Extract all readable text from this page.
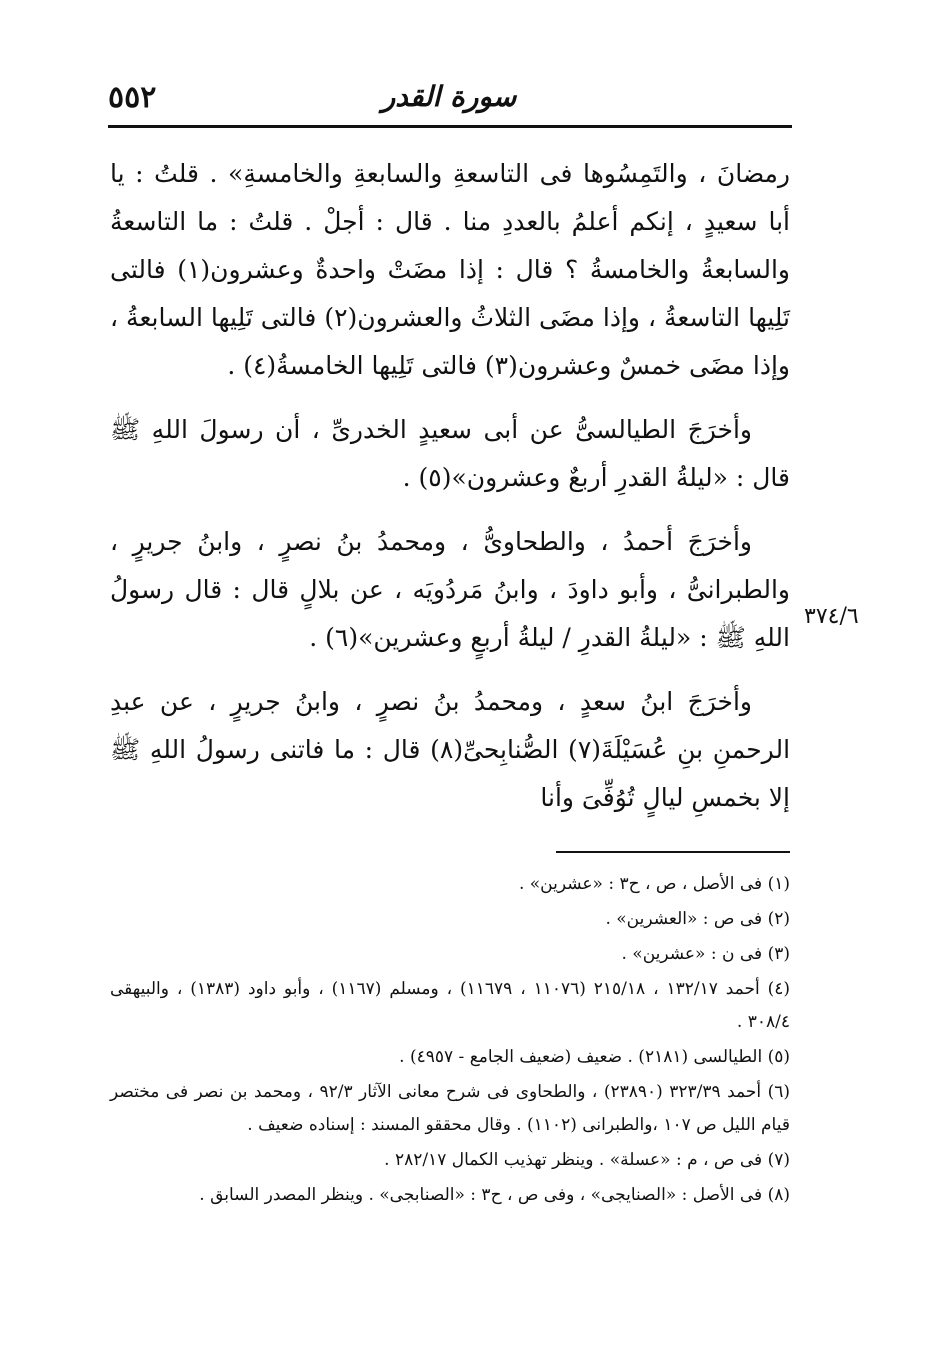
٥٥٢	سورة القدر

رمضانَ ، والتَمِسُوها فى التاسعةِ والسابعةِ والخامسةِ» . قلتُ : يا أبا سعيدٍ ، إنكم أعلمُ بالعددِ منا . قال : أجلْ . قلتُ : ما التاسعةُ والسابعةُ والخامسةُ ؟ قال : إذا مضَتْ واحدةٌ وعشرون(١) فالتى تَلِيها التاسعةُ ، وإذا مضَى الثلاثُ والعشرون(٢) فالتى تَلِيها السابعةُ ، وإذا مضَى خمسٌ وعشرون(٣) فالتى تَلِيها الخامسةُ(٤) .

وأخرَجَ الطيالسىُّ عن أبى سعيدٍ الخدرىِّ ، أن رسولَ اللهِ ﷺ قال : «ليلةُ القدرِ أربعٌ وعشرون»(٥) .

وأخرَجَ أحمدُ ، والطحاوىُّ ، ومحمدُ بنُ نصرٍ ، وابنُ جريرٍ ، والطبرانىُّ ، وأبو داودَ ، وابنُ مَردُويَه ، عن بلالٍ قال : قال رسولُ اللهِ ﷺ : «ليلةُ القدرِ / ليلةُ أربعٍ وعشرين»(٦) .

وأخرَجَ ابنُ سعدٍ ، ومحمدُ بنُ نصرٍ ، وابنُ جريرٍ ، عن عبدِ الرحمنِ بنِ عُسَيْلَةَ(٧) الصُّنابِحىِّ(٨) قال : ما فاتنى رسولُ اللهِ ﷺ إلا بخمسِ ليالٍ تُوُفِّىَ وأنا

٣٧٤/٦
(١) فى الأصل ، ص ، ح٣ : «عشرين» .
(٢) فى ص : «العشرين» .
(٣) فى ن : «عشرين» .
(٤) أحمد ١٣٢/١٧ ، ٢١٥/١٨ (١١٠٧٦ ، ١١٦٧٩) ، ومسلم (١١٦٧) ، وأبو داود (١٣٨٣) ، والبيهقى ٣٠٨/٤ .
(٥) الطيالسى (٢١٨١) . ضعيف (ضعيف الجامع - ٤٩٥٧) .
(٦) أحمد ٣٢٣/٣٩ (٢٣٨٩٠) ، والطحاوى فى شرح معانى الآثار ٩٢/٣ ، ومحمد بن نصر فى مختصر قيام الليل ص ١٠٧ ،والطبرانى (١١٠٢) . وقال محققو المسند : إسناده ضعيف .
(٧) فى ص ، م : «عسلة» . وينظر تهذيب الكمال ٢٨٢/١٧ .
(٨) فى الأصل : «الصنايجى» ، وفى ص ، ح٣ : «الصنابجى» . وينظر المصدر السابق .
